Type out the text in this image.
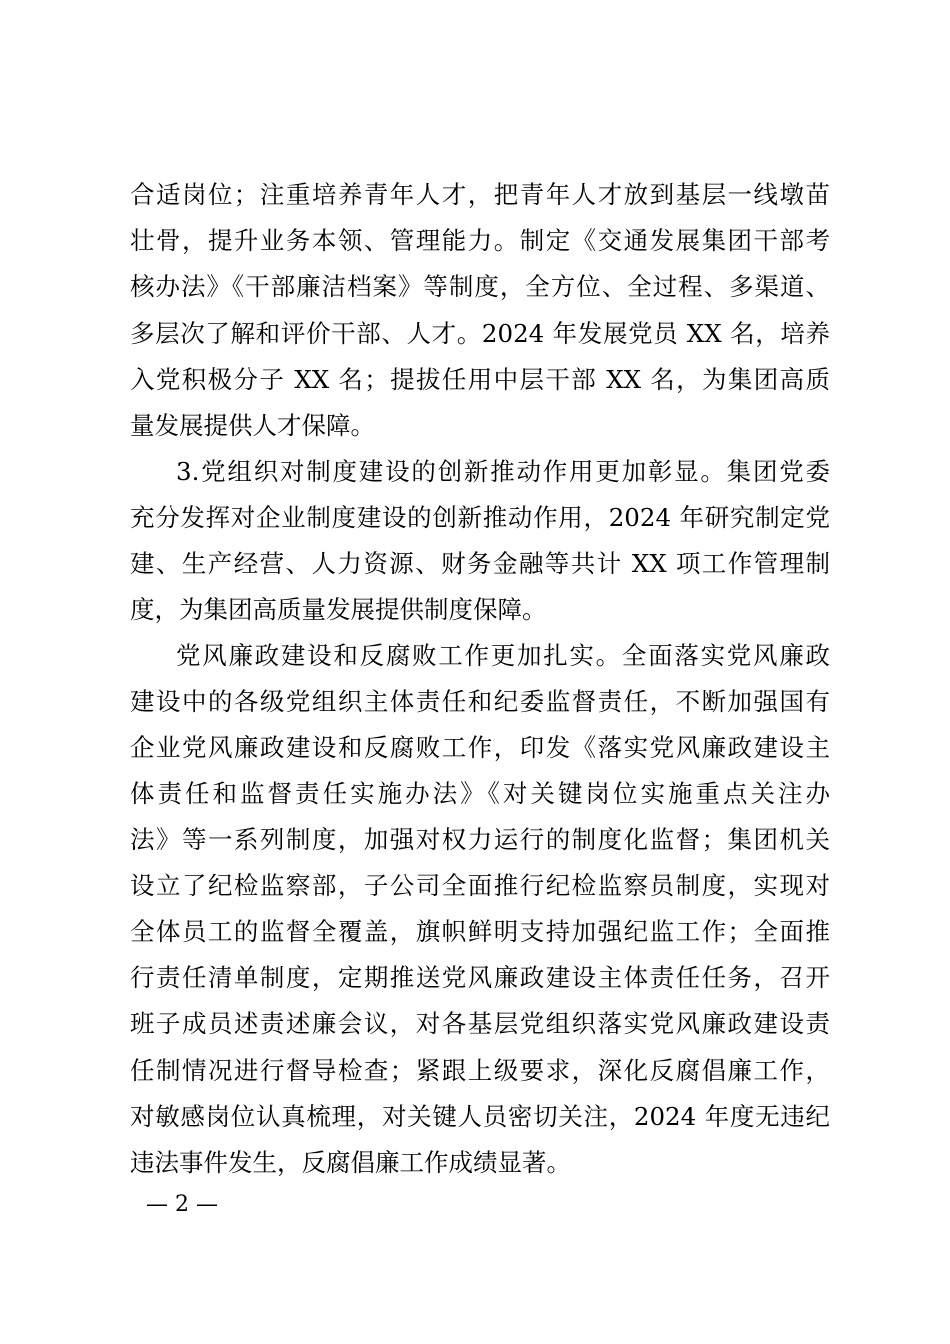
合适岗位；注重培养青年人才，把青年人才放到基层一线墩苗
壮骨，提升业务本领、管理能力。制定《交通发展集团干部考
核办法》《干部廉洁档案》等制度，全方位、全过程、多渠道、
多层次了解和评价干部、人才。2024 年发展党员 XX 名，培养
入党积极分子 XX 名；提拔任用中层干部 XX 名，为集团高质
量发展提供人才保障。
3.党组织对制度建设的创新推动作用更加彰显。集团党委
充分发挥对企业制度建设的创新推动作用，2024 年研究制定党
建、生产经营、人力资源、财务金融等共计 XX 项工作管理制
度，为集团高质量发展提供制度保障。
党风廉政建设和反腐败工作更加扎实。全面落实党风廉政
建设中的各级党组织主体责任和纪委监督责任，不断加强国有
企业党风廉政建设和反腐败工作，印发《落实党风廉政建设主
体责任和监督责任实施办法》《对关键岗位实施重点关注办
法》等一系列制度，加强对权力运行的制度化监督；集团机关
设立了纪检监察部，子公司全面推行纪检监察员制度，实现对
全体员工的监督全覆盖，旗帜鲜明支持加强纪监工作；全面推
行责任清单制度，定期推送党风廉政建设主体责任任务，召开
班子成员述责述廉会议，对各基层党组织落实党风廉政建设责
任制情况进行督导检查；紧跟上级要求，深化反腐倡廉工作，
对敏感岗位认真梳理，对关键人员密切关注，2024 年度无违纪
违法事件发生，反腐倡廉工作成绩显著。
— 2 —
